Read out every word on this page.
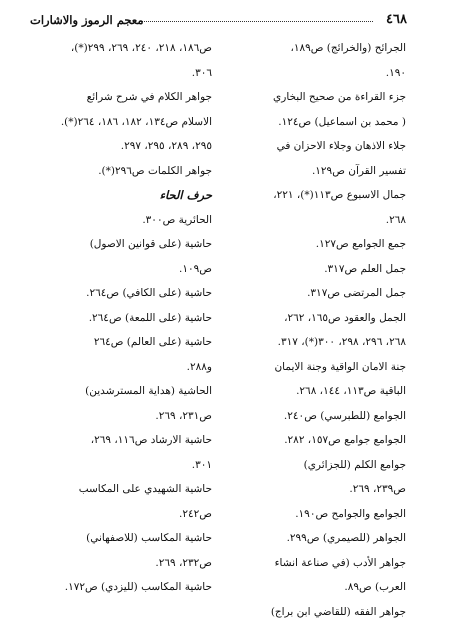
٤٦٨
معجم الرموز والاشارات

الجرائح (والخرائج) ص١٨٩،

١٩٠.

جزء القراءة من صحيح البخاري

( محمد بن اسماعيل) ص١٢٤.

جلاء الاذهان وجلاء الاحزان في

تفسير القرآن ص١٢٩.

جمال الاسبوع ص١١٣(*)، ٢٢١،

٢٦٨.

جمع الجوامع ص١٢٧.

جمل العلم ص٣١٧.

جمل المرتضى ص٣١٧.

الجمل والعقود ص١٦٥، ٢٦٢،

٢٦٨، ٢٩٦، ٢٩٨، ٣٠٠(*)، ٣١٧.

جنة الامان الواقية وجنة الايمان

الباقية ص١١٣، ١٤٤، ٢٦٨.

الجوامع (للطبرسي) ص٢٤٠.

الجوامع جوامع ص١٥٧، ٢٨٢.

جوامع الكلم (للجزائري)

ص٢٣٩، ٢٦٩.

الجوامع والجوامح ص١٩٠.

الجواهر (للصيمري) ص٢٩٩.

جواهر الأدب (في صناعة انشاء

العرب) ص٨٩.

جواهر الفقه (للقاضي ابن براج)

ص١٨٦، ٢١٨، ٢٤٠، ٢٦٩، ٢٩٩(*)،

٣٠٦.

جواهر الكلام في شرح شرائع

الاسلام ص١٣٤، ١٨٢، ١٨٦، ٢٦٤(*).

٢٩٥، ٢٨٩، ٢٩٥، ٢٩٧.

جواهر الكلمات ص٢٩٦(*).

حرف الحاء

الحائرية ص٣٠٠.

حاشية (على قوانين الاصول)

ص١٠٩.

حاشية (على الكافي) ص٢٦٤.

حاشية (على اللمعة) ص٢٦٤.

حاشية (على العالم) ص٢٦٤

و٢٨٨.

الحاشية (هداية المسترشدين)

ص٢٣١، ٢٦٩.

حاشية الارشاد ص١١٦، ٢٦٩،

٣٠١.

حاشية الشهيدي على المكاسب

ص٢٤٢.

حاشية المكاسب (للاصفهاني)

ص٢٣٢، ٢٦٩.

حاشية المكاسب (لليزدي) ص١٧٢.
